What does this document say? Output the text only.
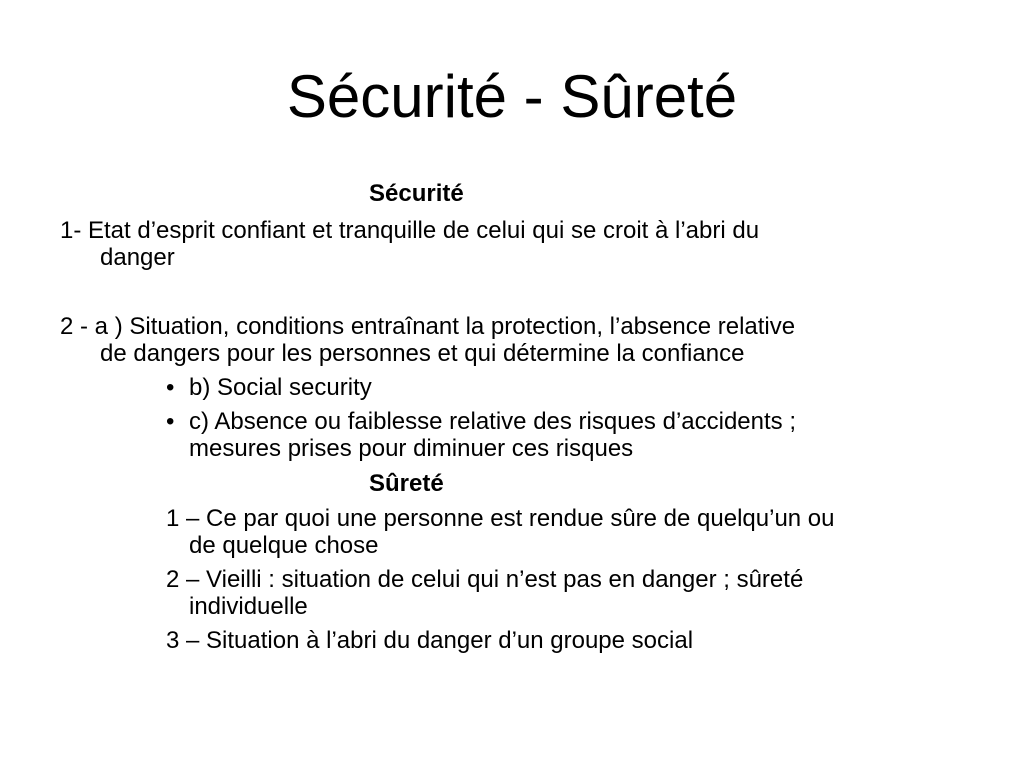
Sécurité - Sûreté
Sécurité
1- Etat d’esprit confiant et tranquille de celui qui se croit à l’abri du
danger
2 - a ) Situation, conditions entraînant la protection, l’absence relative
de dangers pour les personnes et qui détermine la confiance
• b) Social security
• c) Absence ou faiblesse relative des risques d’accidents ;
mesures prises pour diminuer ces risques
Sûreté
1 – Ce par quoi une personne est rendue sûre de quelqu’un ou
de quelque chose
2 – Vieilli : situation de celui qui n’est pas en danger ; sûreté
individuelle
3 – Situation à l’abri du danger d’un groupe social
